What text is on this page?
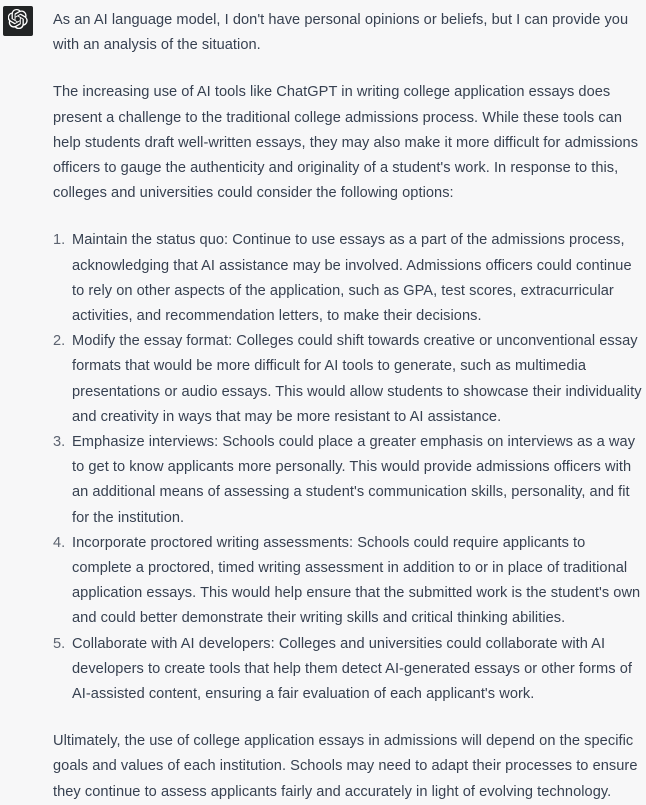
As an AI language model, I don't have personal opinions or beliefs, but I can provide you with an analysis of the situation.

The increasing use of AI tools like ChatGPT in writing college application essays does present a challenge to the traditional college admissions process. While these tools can help students draft well-written essays, they may also make it more difficult for admissions officers to gauge the authenticity and originality of a student's work. In response to this, colleges and universities could consider the following options:

1. Maintain the status quo: Continue to use essays as a part of the admissions process, acknowledging that AI assistance may be involved. Admissions officers could continue to rely on other aspects of the application, such as GPA, test scores, extracurricular activities, and recommendation letters, to make their decisions.
2. Modify the essay format: Colleges could shift towards creative or unconventional essay formats that would be more difficult for AI tools to generate, such as multimedia presentations or audio essays. This would allow students to showcase their individuality and creativity in ways that may be more resistant to AI assistance.
3. Emphasize interviews: Schools could place a greater emphasis on interviews as a way to get to know applicants more personally. This would provide admissions officers with an additional means of assessing a student's communication skills, personality, and fit for the institution.
4. Incorporate proctored writing assessments: Schools could require applicants to complete a proctored, timed writing assessment in addition to or in place of traditional application essays. This would help ensure that the submitted work is the student's own and could better demonstrate their writing skills and critical thinking abilities.
5. Collaborate with AI developers: Colleges and universities could collaborate with AI developers to create tools that help them detect AI-generated essays or other forms of AI-assisted content, ensuring a fair evaluation of each applicant's work.

Ultimately, the use of college application essays in admissions will depend on the specific goals and values of each institution. Schools may need to adapt their processes to ensure they continue to assess applicants fairly and accurately in light of evolving technology.
